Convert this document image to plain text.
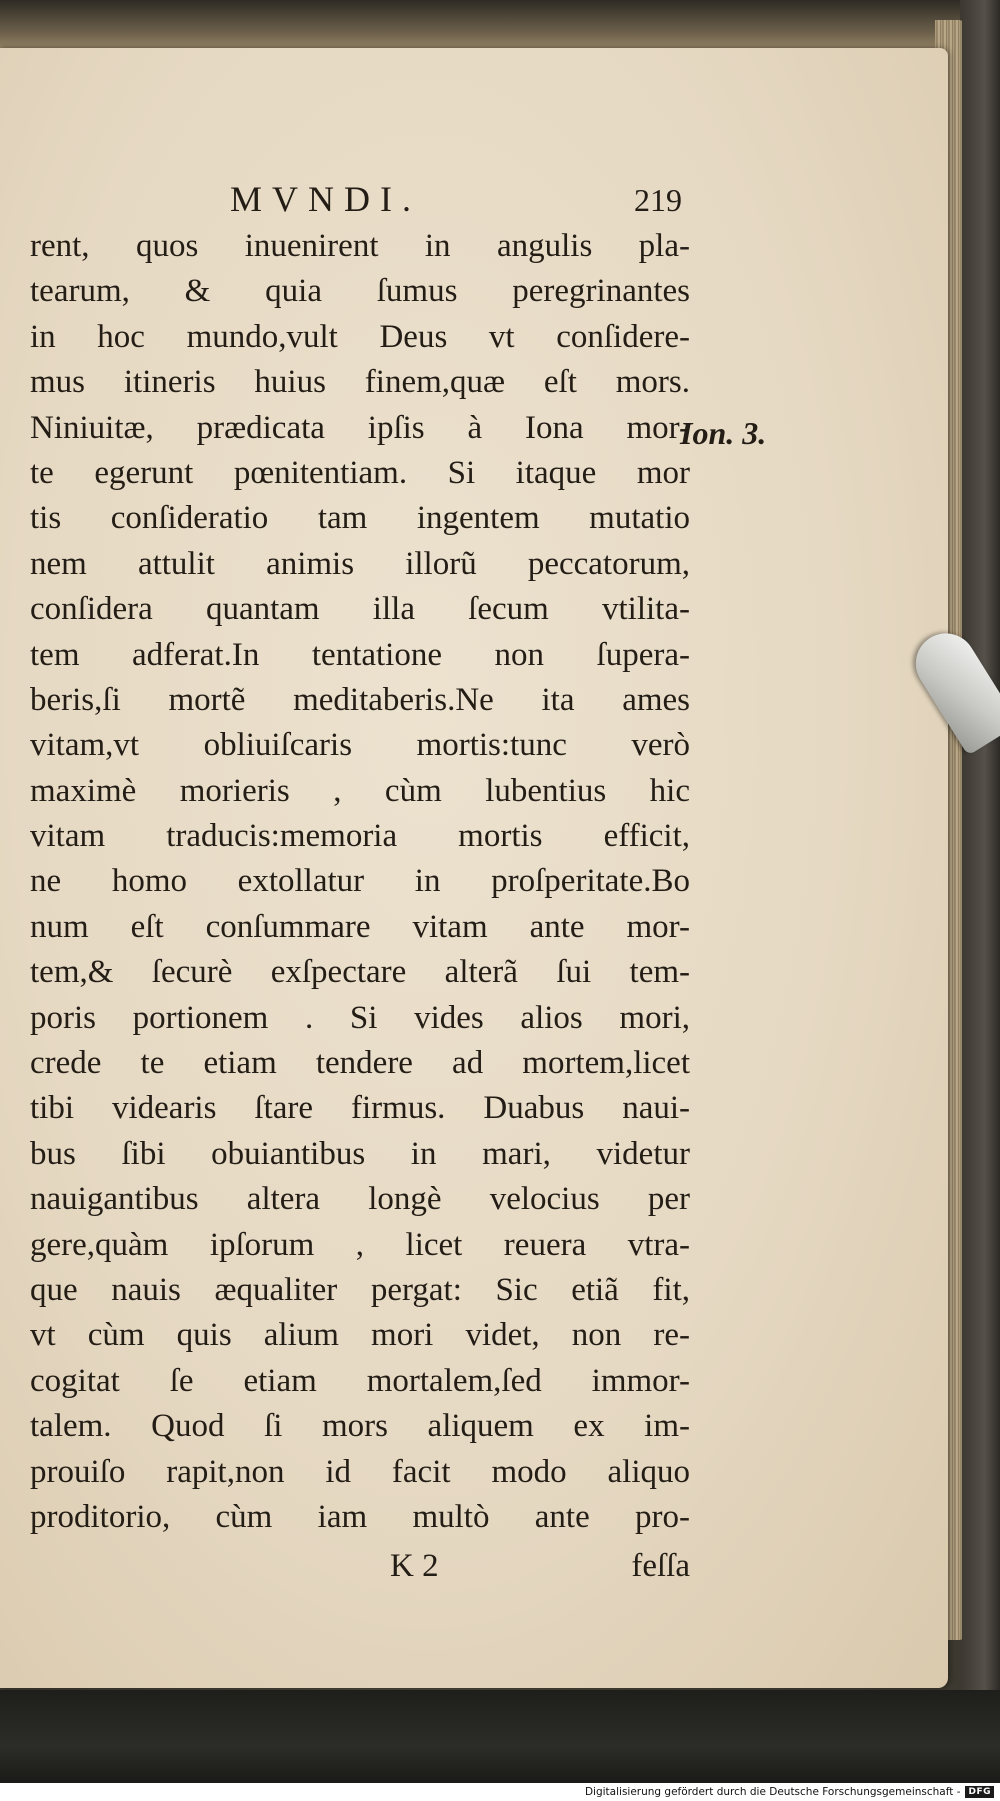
MVNDI.	219
rent, quos inuenirent in angulis pla-
tearum, & quia ſumus peregrinantes
in hoc mundo,vult Deus vt conſidere-
mus itineris huius finem,quæ eſt mors.
Niniuitæ, prædicata ipſis à Iona mor-
te egerunt pœnitentiam. Si itaque mor
tis conſideratio tam ingentem mutatio
nem attulit animis illorũ peccatorum,
conſidera quantam illa ſecum vtilita-
tem adferat.In tentatione non ſupera-
beris,ſi mortẽ meditaberis.Ne ita ames
vitam,vt obliuiſcaris mortis:tunc verò
maximè morieris , cùm lubentius hic
vitam traducis:memoria mortis efficit,
ne homo extollatur in proſperitate.Bo
num eſt conſummare vitam ante mor-
tem,& ſecurè exſpectare alterã ſui tem-
poris portionem . Si vides alios mori,
crede te etiam tendere ad mortem,licet
tibi videaris ſtare firmus. Duabus naui-
bus ſibi obuiantibus in mari, videtur
nauigantibus altera longè velocius per
gere,quàm ipſorum , licet reuera vtra-
que nauis æqualiter pergat: Sic etiã fit,
vt cùm quis alium mori videt, non re-
cogitat ſe etiam mortalem,ſed immor-
talem. Quod ſi mors aliquem ex im-
prouiſo rapit,non id facit modo aliquo
proditorio, cùm iam multò ante pro-
K 2	feſſa
Ion. 3.
Digitalisierung gefördert durch die Deutsche Forschungsgemeinschaft - DFG
